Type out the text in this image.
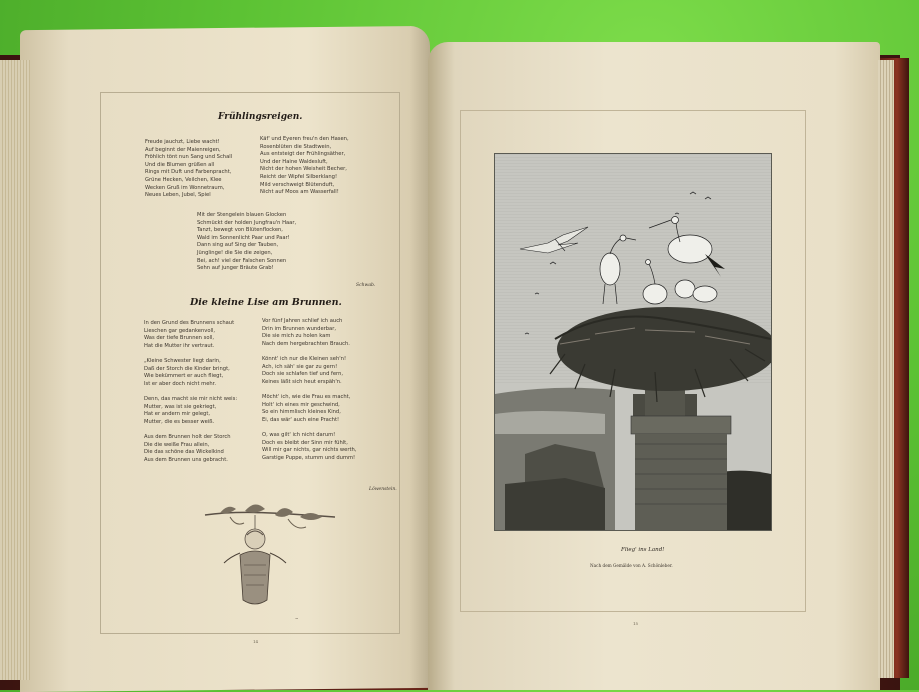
Frühlingsreigen.
Freude jauchzt, Liebe wacht!
Auf beginnt der Maienreigen,
Fröhlich tönt nun Sang und Schall
Und die Blumen grüßen all
Rings mit Duft und Farbenpracht,
Grüne Hecken, Veilchen, Klee
Wecken Gruß im Wonnetraum,
Neues Leben, Jubel, Spiel
Käf' und Eyeren freu'n den Hasen,
Rosenblüten die Stadtwein,
Aus entsteigt der Frühlingsäther,
Und der Haine Waldesluft,
Nicht der hohen Weisheit Becher,
Reicht der Wipfel Silberklang!
Mild verschweigt Blütenduft,
Nicht auf Moos am Wasserfall!
Mit der Stengelein blauen Glocken
Schmückt der holden Jungfrau'n Haar,
Tanzt, bewegt von Blütenflocken,
Wald im Sonnenlicht Paar und Paar!
Dann sing auf Sing der Tauben,
Jünglinge! die Sie die zeigen,
Bei, ach! viel der Falschen Sonnen
Sehn auf junger Bräute Grab!
Schwab.
Die kleine Lise am Brunnen.
In den Grund des Brunnens schaut
Lieschen gar gedankenvoll,
Was der tiefe Brunnen soll,
Hat die Mutter ihr vertraut.

„Kleine Schwester liegt darin,
Daß der Storch die Kinder bringt,
Wie bekümmert er auch fliegt,
Ist er aber doch nicht mehr.

Denn, das macht sie mir nicht weis:
Mutter, was ist sie gekriegt,
Hat er andern mir gelegt,
Mutter, die es besser weiß.

Aus dem Brunnen holt der Storch
Die die weiße Frau allein,
Die das schöne das Wickelkind
Aus dem Brunnen uns gebracht.
Vor fünf Jahren schlief ich auch
Drin im Brunnen wunderbar,
Die sie mich zu holen kam
Nach dem hergebrachten Brauch.

Könnt' ich nur die Kleinen seh'n!
Ach, ich säh' sie gar zu gern!
Doch sie schlafen tief und fern,
Keines läßt sich heut erspäh'n.

Möcht' ich, wie die Frau es macht,
Holt' ich eines mir geschwind,
So ein himmlisch kleines Kind,
Ei, das wär' auch eine Pracht!

O, was gilt' ich nicht darum!
Doch es bleibt der Sinn mir fühlt,
Will mir gar nichts, gar nichts werth,
Garstige Puppe, stumm und dumm!
Löwenstein.
~
14
Flieg' ins Land!
Nach dem Gemälde von A. Schönleber.
15
